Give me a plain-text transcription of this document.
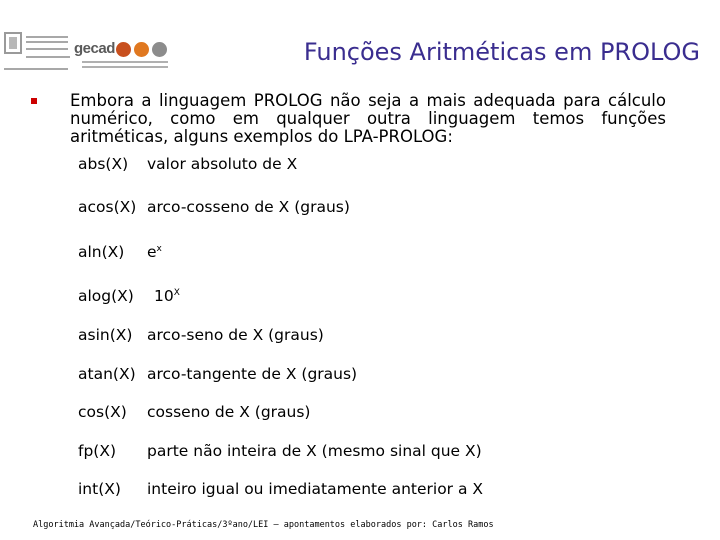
gecad	Funções Aritméticas em PROLOG
Embora a linguagem PROLOG não seja a mais adequada para cálculo numérico, como em qualquer outra linguagem temos funções aritméticas, alguns exemplos do LPA-PROLOG:
abs(X) valor absoluto de X
acos(X) arco-cosseno de X (graus)
aln(X) $e^x$
alog(X) $10^X$
asin(X) arco-seno de X (graus)
atan(X) arco-tangente de X (graus)
cos(X) cosseno de X (graus)
fp(X) parte não inteira de X (mesmo sinal que X)
int(X) inteiro igual ou imediatamente anterior a X
Algoritmia Avançada/Teórico-Práticas/3ºano/LEI – apontamentos elaborados por: Carlos Ramos
